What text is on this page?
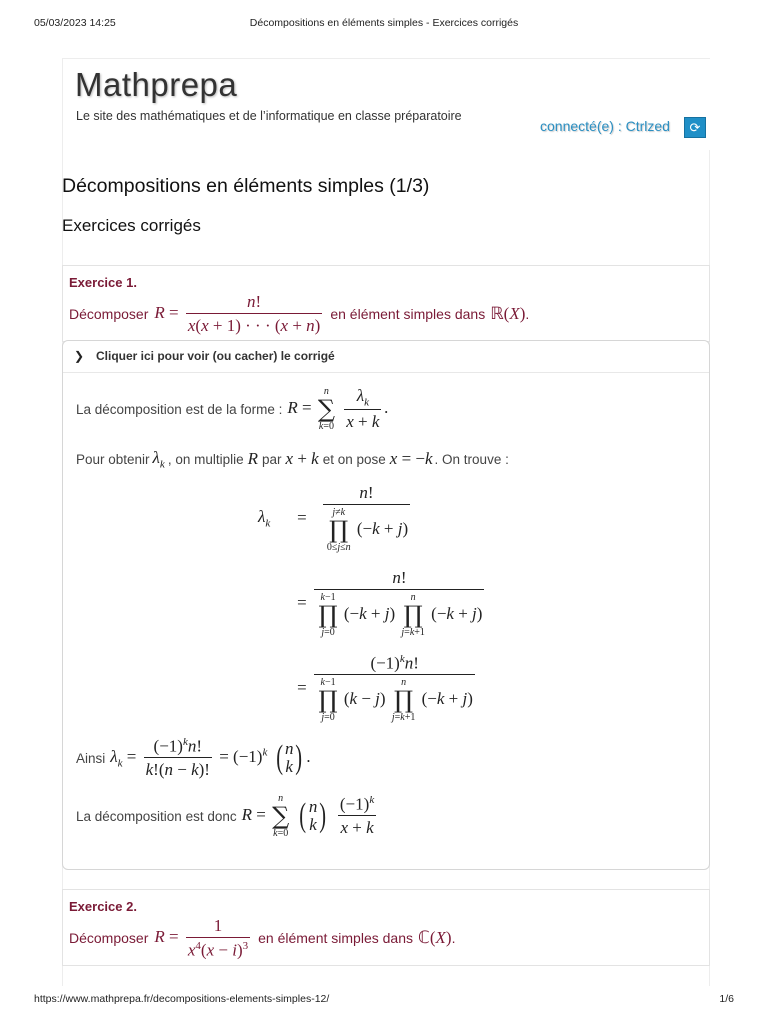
05/03/2023 14:25	Décompositions en éléments simples - Exercices corrigés
Mathprepa
Le site des mathématiques et de l’informatique en classe préparatoire
connecté(e) : Ctrlzed	⟳
Décompositions en éléments simples (1/3)
Exercices corrigés
Exercice 1.
Décomposer $R = \frac{n!}{x(x + 1) \cdot \cdot \cdot (x + n)}$ en élément simples dans ℝ(X) .
❯ Cliquer ici pour voir (ou cacher) le corrigé
La décomposition est de la forme : R =
n
∑
k=0
$\frac{\lambda_k}{x + k}$ .
Pour obtenir $\lambda_k$ , on multiplie R par x + k et on pose x = −k . On trouve :
$\lambda_k$	= n!
j≠k
∏
0≤j≤n
(−k + j)
= n!
k−1
∏
j=0
(−k + j)
n
∏
j=k+1
(−k + j)
= $(-1)^kn$!
k−1
∏
j=0
(k − j)
n
∏
j=k+1
(−k + j)
Ainsi $\lambda_k = \frac{(-1)^kn!}{k!(n - k)!} = (-1)^k$ ( n
k ) .
La décomposition est donc R =
n
∑
k=0
( n
k )
$\frac{(-1)^k}{x + k}$
Exercice 2.
Décomposer $R = \frac{1}{x^4(x - i)^3}$ en élément simples dans ℂ(X) .
https://www.mathprepa.fr/decompositions-elements-simples-12/	1/6
